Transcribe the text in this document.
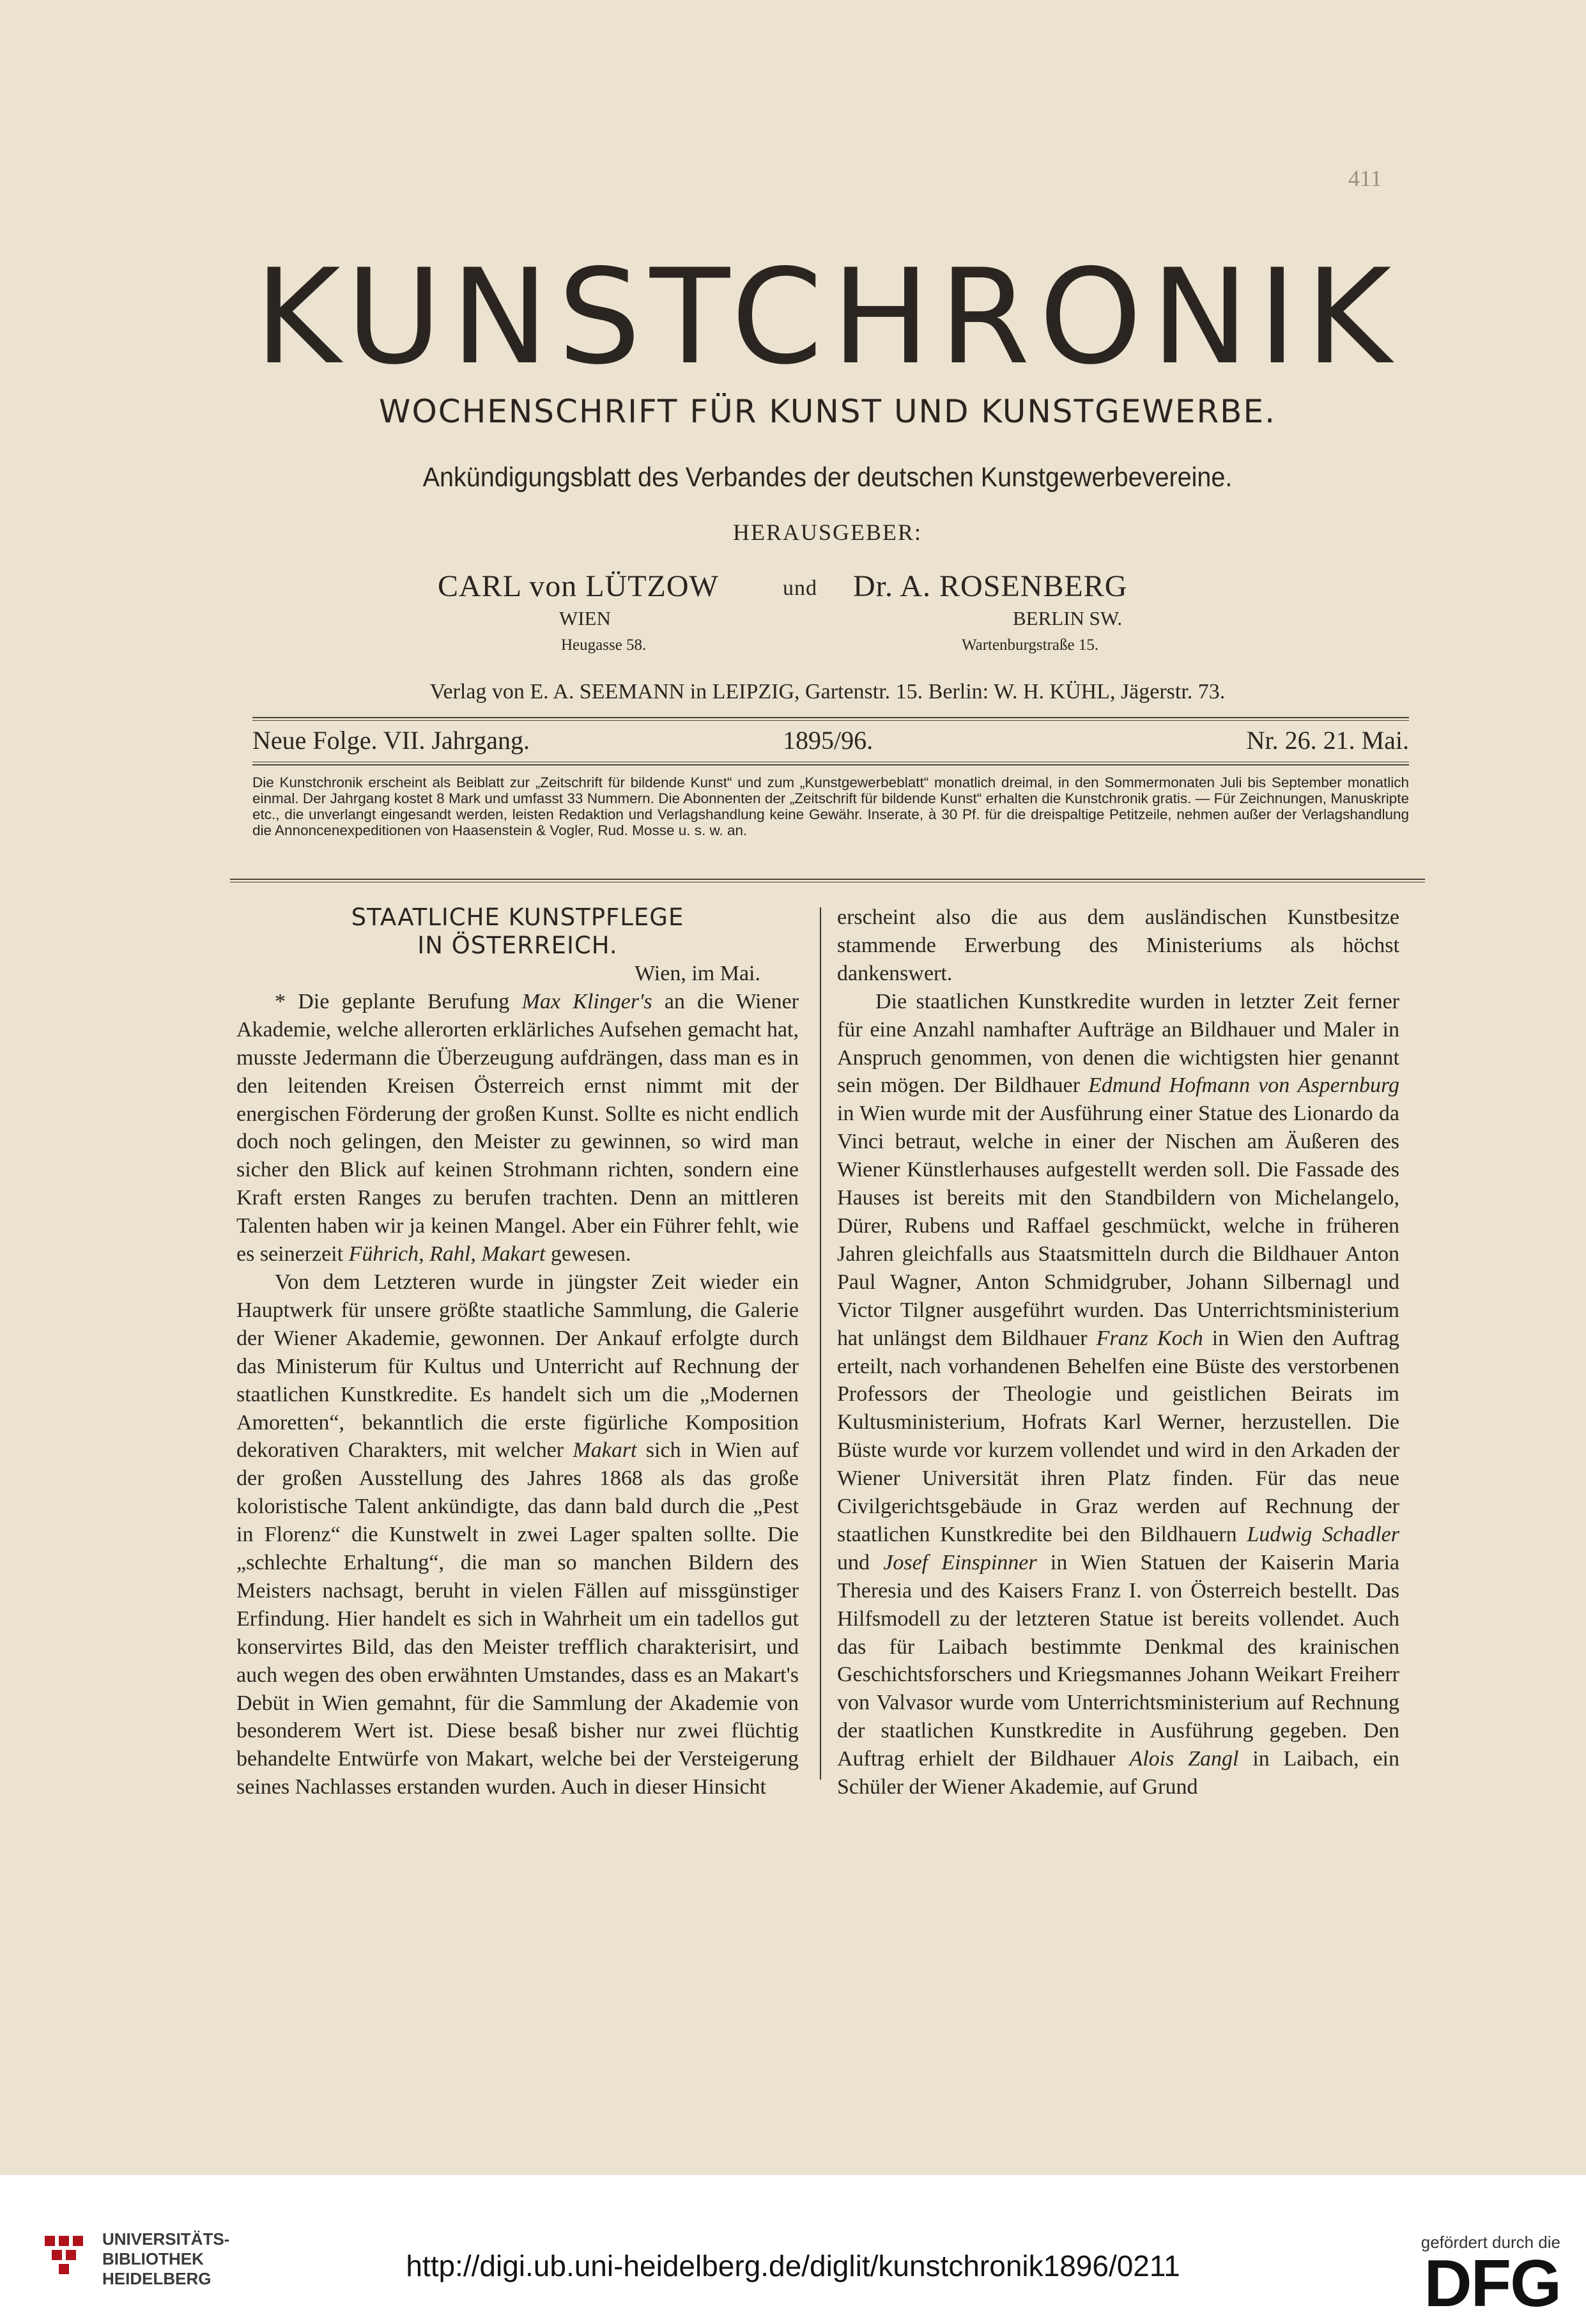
411
KUNSTCHRONIK
WOCHENSCHRIFT FÜR KUNST UND KUNSTGEWERBE.
Ankündigungsblatt des Verbandes der deutschen Kunstgewerbevereine.
HERAUSGEBER:
CARL von LÜTZOW	und Dr. A. ROSENBERG
WIEN
Heugasse 58.
BERLIN SW.
Wartenburgstraße 15.
Verlag von E. A. SEEMANN in LEIPZIG, Gartenstr. 15. Berlin: W. H. KÜHL, Jägerstr. 73.
Neue Folge. VII. Jahrgang.	1895/96.	Nr. 26. 21. Mai.
Die Kunstchronik erscheint als Beiblatt zur „Zeitschrift für bildende Kunst“ und zum „Kunstgewerbeblatt“ monatlich dreimal, in den Sommermonaten Juli bis September monatlich einmal. Der Jahrgang kostet 8 Mark und umfasst 33 Nummern. Die Abonnenten der „Zeitschrift für bildende Kunst“ erhalten die Kunstchronik gratis. — Für Zeichnungen, Manuskripte etc., die unverlangt eingesandt werden, leisten Redaktion und Verlagshandlung keine Gewähr. Inserate, à 30 Pf. für die dreispaltige Petitzeile, nehmen außer der Verlagshandlung die Annoncenexpeditionen von Haasenstein & Vogler, Rud. Mosse u. s. w. an.
STAATLICHE KUNSTPFLEGE
IN ÖSTERREICH.
Wien, im Mai.

* Die geplante Berufung Max Klinger's an die Wiener Akademie, welche allerorten erklärliches Aufsehen gemacht hat, musste Jedermann die Überzeugung aufdrängen, dass man es in den leitenden Kreisen Österreich ernst nimmt mit der energischen Förderung der großen Kunst. Sollte es nicht endlich doch noch gelingen, den Meister zu gewinnen, so wird man sicher den Blick auf keinen Strohmann richten, sondern eine Kraft ersten Ranges zu berufen trachten. Denn an mittleren Talenten haben wir ja keinen Mangel. Aber ein Führer fehlt, wie es seinerzeit Führich, Rahl, Makart gewesen.

Von dem Letzteren wurde in jüngster Zeit wieder ein Hauptwerk für unsere größte staatliche Sammlung, die Galerie der Wiener Akademie, gewonnen. Der Ankauf erfolgte durch das Ministerum für Kultus und Unterricht auf Rechnung der staatlichen Kunstkredite. Es handelt sich um die „Modernen Amoretten“, bekanntlich die erste figürliche Komposition dekorativen Charakters, mit welcher Makart sich in Wien auf der großen Ausstellung des Jahres 1868 als das große koloristische Talent ankündigte, das dann bald durch die „Pest in Florenz“ die Kunstwelt in zwei Lager spalten sollte. Die „schlechte Erhaltung“, die man so manchen Bildern des Meisters nachsagt, beruht in vielen Fällen auf missgünstiger Erfindung. Hier handelt es sich in Wahrheit um ein tadellos gut konservirtes Bild, das den Meister trefflich charakterisirt, und auch wegen des oben erwähnten Umstandes, dass es an Makart's Debüt in Wien gemahnt, für die Sammlung der Akademie von besonderem Wert ist. Diese besaß bisher nur zwei flüchtig behandelte Entwürfe von Makart, welche bei der Versteigerung seines Nachlasses erstanden wurden. Auch in dieser Hinsicht

erscheint also die aus dem ausländischen Kunstbesitze stammende Erwerbung des Ministeriums als höchst dankenswert.

Die staatlichen Kunstkredite wurden in letzter Zeit ferner für eine Anzahl namhafter Aufträge an Bildhauer und Maler in Anspruch genommen, von denen die wichtigsten hier genannt sein mögen. Der Bildhauer Edmund Hofmann von Aspernburg in Wien wurde mit der Ausführung einer Statue des Lionardo da Vinci betraut, welche in einer der Nischen am Äußeren des Wiener Künstlerhauses aufgestellt werden soll. Die Fassade des Hauses ist bereits mit den Standbildern von Michelangelo, Dürer, Rubens und Raffael geschmückt, welche in früheren Jahren gleichfalls aus Staatsmitteln durch die Bildhauer Anton Paul Wagner, Anton Schmidgruber, Johann Silbernagl und Victor Tilgner ausgeführt wurden. Das Unterrichtsministerium hat unlängst dem Bildhauer Franz Koch in Wien den Auftrag erteilt, nach vorhandenen Behelfen eine Büste des verstorbenen Professors der Theologie und geistlichen Beirats im Kultusministerium, Hofrats Karl Werner, herzustellen. Die Büste wurde vor kurzem vollendet und wird in den Arkaden der Wiener Universität ihren Platz finden. Für das neue Civilgerichtsgebäude in Graz werden auf Rechnung der staatlichen Kunstkredite bei den Bildhauern Ludwig Schadler und Josef Einspinner in Wien Statuen der Kaiserin Maria Theresia und des Kaisers Franz I. von Österreich bestellt. Das Hilfsmodell zu der letzteren Statue ist bereits vollendet. Auch das für Laibach bestimmte Denkmal des krainischen Geschichtsforschers und Kriegsmannes Johann Weikart Freiherr von Valvasor wurde vom Unterrichtsministerium auf Rechnung der staatlichen Kunstkredite in Ausführung gegeben. Den Auftrag erhielt der Bildhauer Alois Zangl in Laibach, ein Schüler der Wiener Akademie, auf Grund

UNIVERSITÄTS-
BIBLIOTHEK
HEIDELBERG	http://digi.ub.uni-heidelberg.de/diglit/kunstchronik1896/0211
gefördert durch die
DFG
